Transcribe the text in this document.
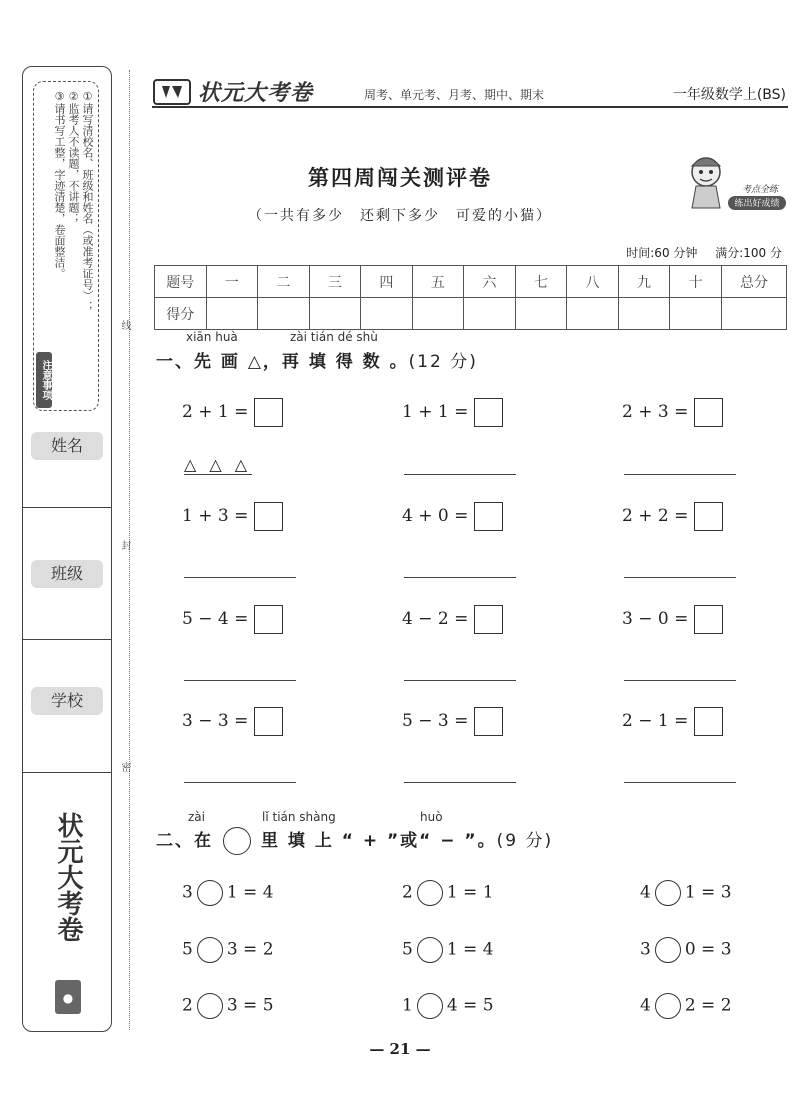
①请写清校名、班级和姓名（或准考证号）；
②监考人不读题，不讲题；
③请书写工整，字迹清楚，卷面整洁。
注意事项
姓名
班级
学校
●
状元大考卷
线
封
密
状元大考卷	周考、单元考、月考、期中、期末	一年级数学上(BS)
第四周闯关测评卷
（一共有多少　还剩下多少　可爱的小猫）
考点全练
练出好成绩
时间:60 分钟 满分:100 分
题号	一	二	三	四	五	六	七	八	九	十	总分
得分											
xiān huà	zài tián dé shù
一、先 画 △，再 填 得 数 。(12 分)
2 + 1 =	1 + 1 =	2 + 3 =
△ △ △
1 + 3 =	4 + 0 =	2 + 2 =
5 − 4 =	4 − 2 =	3 − 0 =
3 − 3 =	5 − 3 =	2 − 1 =
zài	lǐ tián shàng	huò
二、在	里 填 上 “ + ”或“ − ”。(9 分)
3 1 = 4	2 1 = 1	4 1 = 3
5 3 = 2	5 1 = 4	3 0 = 3
2 3 = 5	1 4 = 5	4 2 = 2
— 21 —
